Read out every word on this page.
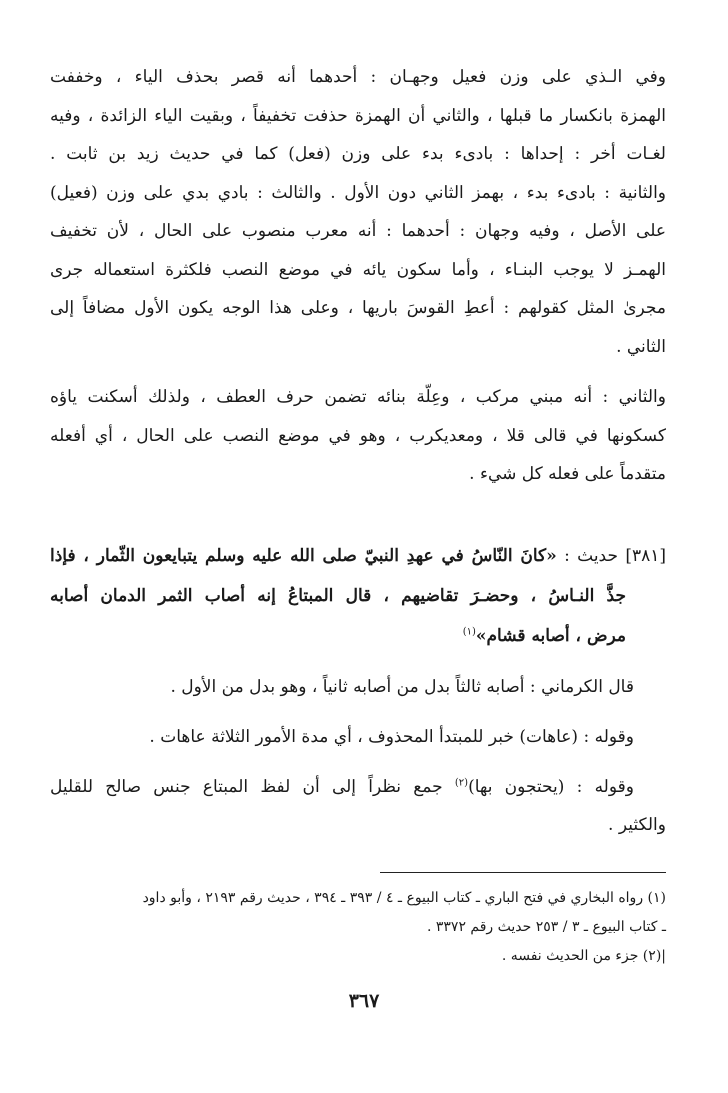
وفي الـذي على وزن فعيل وجهـان : أحدهما أنه قصر بحذف الياء ، وخففت
الهمزة بانكسار ما قبلها ، والثاني أن الهمزة حذفت تخفيفاً ، وبقيت الياء الزائدة ، وفيه
لغـات أخر : إحداها : بادىء بدء على وزن (فعل) كما في حديث زيد بن ثابت .
والثانية : بادىء بدء ، بهمز الثاني دون الأول . والثالث : بادي بدي على وزن (فعيل)
على الأصل ، وفيه وجهان : أحدهما : أنه معرب منصوب على الحال ، لأن تخفيف
الهمـز لا يوجب البنـاء ، وأما سكون يائه في موضع النصب فلكثرة استعماله جرى
مجرىٰ المثل كقولهم : أعطِ القوسَ باريها ، وعلى هذا الوجه يكون الأول مضافاً إلى
الثاني .
والثاني : أنه مبني مركب ، وعِلّة بنائه تضمن حرف العطف ، ولذلك أسكنت ياؤه
كسكونها في قالى قلا ، ومعديكرب ، وهو في موضع النصب على الحال ، أي أفعله
متقدماً على فعله كل شيء .
[٣٨١] حديث : «كانَ النّاسُ في عهدِ النبيّ صلى الله عليه وسلم يتبايعون الثّمار ، فإذا
جذَّ النـاسُ ، وحضـرَ تقاضيهم ، قال المبتاعُ إنه أصاب الثمر الدمان أصابه
مرض ، أصابه قشام»$^{(١)}$
قال الكرماني : أصابه ثالثاً بدل من أصابه ثانياً ، وهو بدل من الأول .
وقوله : (عاهات) خبر للمبتدأ المحذوف ، أي مدة الأمور الثلاثة عاهات .
وقوله : (يحتجون بها)$^{(٢)}$ جمع نظراً إلى أن لفظ المبتاع جنس صالح للقليل
والكثير .
(١) رواه البخاري في فتح الباري ـ كتاب البيوع ـ ٤ / ٣٩٣ ـ ٣٩٤ ، حديث رقم ٢١٩٣ ، وأبو داود
ـ كتاب البيوع ـ ٣ / ٢٥٣ حديث رقم ٣٣٧٢ .
|(٢) جزء من الحديث نفسه .
٣٦٧
